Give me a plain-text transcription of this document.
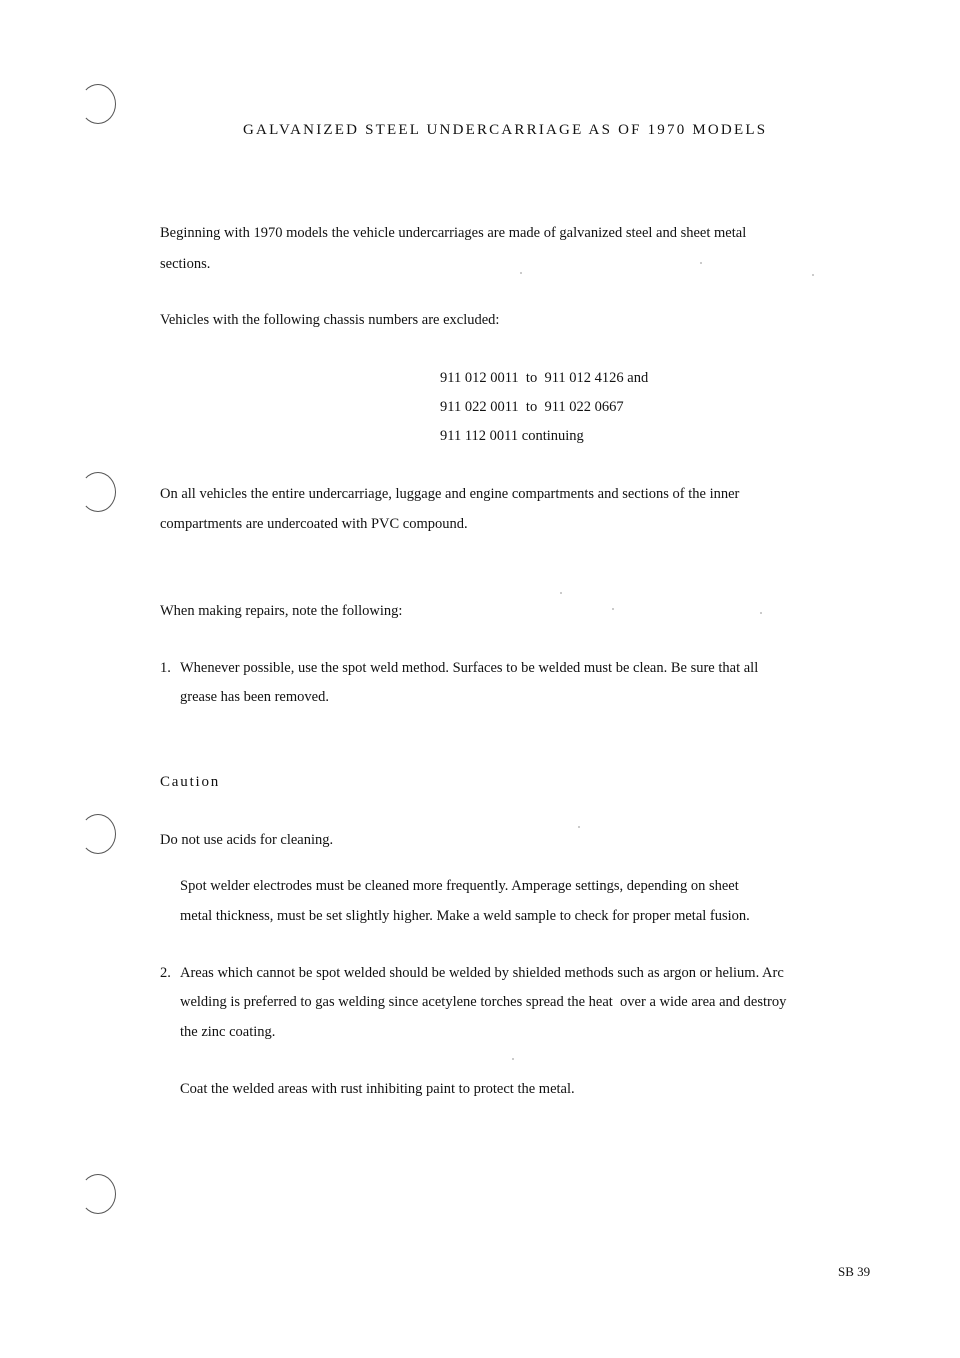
GALVANIZED STEEL UNDERCARRIAGE AS OF 1970 MODELS
Beginning with 1970 models the vehicle undercarriages are made of galvanized steel and sheet metal
sections.
Vehicles with the following chassis numbers are excluded:
911 012 0011  to  911 012 4126 and
911 022 0011  to  911 022 0667
911 112 0011 continuing
On all vehicles the entire undercarriage, luggage and engine compartments and sections of the inner
compartments are undercoated with PVC compound.
When making repairs, note the following:
1. Whenever possible, use the spot weld method. Surfaces to be welded must be clean. Be sure that all
grease has been removed.
Caution
Do not use acids for cleaning.
Spot welder electrodes must be cleaned more frequently. Amperage settings, depending on sheet
metal thickness, must be set slightly higher. Make a weld sample to check for proper metal fusion.
2. Areas which cannot be spot welded should be welded by shielded methods such as argon or helium. Arc
welding is preferred to gas welding since acetylene torches spread the heat  over a wide area and destroy
the zinc coating.
Coat the welded areas with rust inhibiting paint to protect the metal.
SB 39
